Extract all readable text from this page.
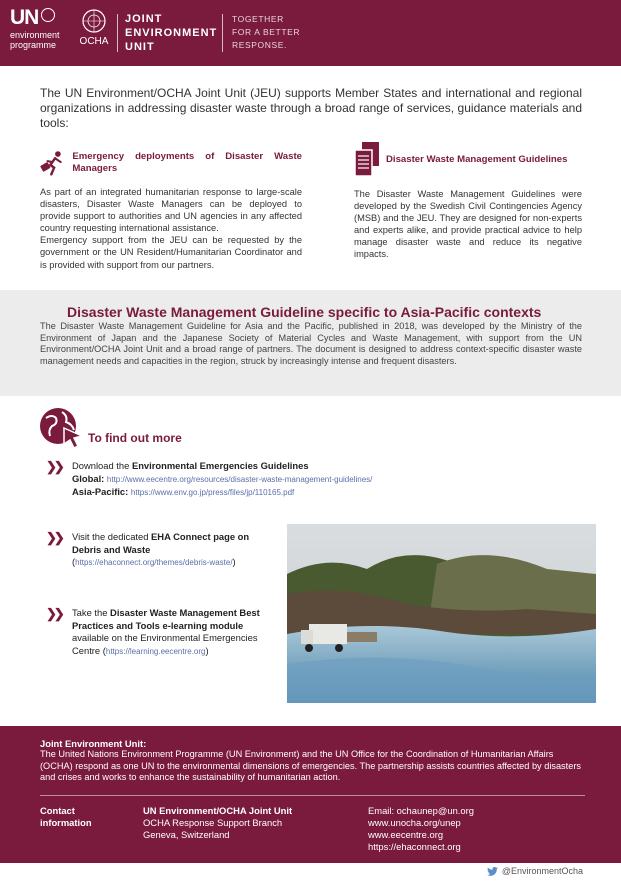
UN
environment
programme	OCHA
JOINT
ENVIRONMENT
UNIT
TOGETHER
FOR A BETTER
RESPONSE.
The UN Environment/OCHA Joint Unit (JEU) supports Member States and international and regional organizations in addressing disaster waste through a broad range of services, guidance materials and tools:
Emergency deployments of Disaster Waste Managers

As part of an integrated humanitarian response to large-scale disasters, Disaster Waste Managers can be deployed to provide support to authorities and UN agencies in any affected country requesting international assistance.

Emergency support from the JEU can be requested by the government or the UN Resident/Humanitarian Coordinator and is provided with support from our partners.

Disaster Waste Management Guidelines

The Disaster Waste Management Guidelines were developed by the Swedish Civil Contingencies Agency (MSB) and the JEU. They are designed for non-experts and experts alike, and provide practical advice to help manage disaster waste and reduce its negative impacts.

Disaster Waste Management Guideline specific to Asia-Pacific contexts
The Disaster Waste Management Guideline for Asia and the Pacific, published in 2018, was developed by the Ministry of the Environment of Japan and the Japanese Society of Material Cycles and Waste Management, with support from the UN Environment/OCHA Joint Unit and a broad range of partners. The document is designed to address context-specific disaster waste management needs and capacities in the region, struck by increasingly intense and frequent disasters.
To find out more
❯❯ Download the Environmental Emergencies Guidelines
Global: http://www.eecentre.org/resources/disaster-waste-management-guidelines/
Asia-Pacific: https://www.env.go.jp/press/files/jp/110165.pdf
❯❯ Visit the dedicated EHA Connect page on Debris and Waste
(https://ehaconnect.org/themes/debris-waste/)
❯❯ Take the Disaster Waste Management Best Practices and Tools e-learning module available on the Environmental Emergencies Centre (https://learning.eecentre.org)
Joint Environment Unit:
The United Nations Environment Programme (UN Environment) and the UN Office for the Coordination of Humanitarian Affairs (OCHA) respond as one UN to the environmental dimensions of emergencies. The partnership assists countries affected by disasters and crises and works to enhance the sustainability of humanitarian action.
Contact information
UN Environment/OCHA Joint Unit
OCHA Response Support Branch
Geneva, Switzerland
Email: ochaunep@un.org
www.unocha.org/unep
www.eecentre.org
https://ehaconnect.org
@EnvironmentOcha
